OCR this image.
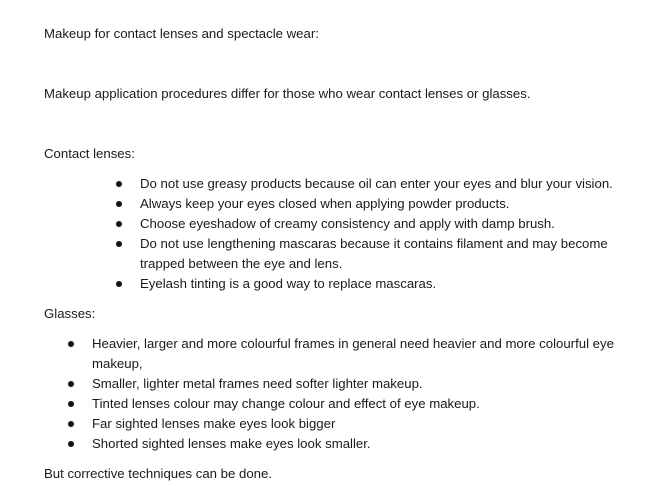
Makeup for contact lenses and spectacle wear:
Makeup application procedures differ for those who wear contact lenses or glasses.
Contact lenses:
Do not use greasy products because oil can enter your eyes and blur your vision.
Always keep your eyes closed when applying powder products.
Choose eyeshadow of creamy consistency and apply with damp brush.
Do not use lengthening mascaras because it contains filament and may become trapped between the eye and lens.
Eyelash tinting is a good way to replace mascaras.
Glasses:
Heavier, larger and more colourful frames in general need heavier and more colourful eye makeup,
Smaller, lighter metal frames need softer lighter makeup.
Tinted lenses colour may change colour and effect of eye makeup.
Far sighted lenses make eyes look bigger
Shorted sighted lenses make eyes look smaller.
But corrective techniques can be done.
